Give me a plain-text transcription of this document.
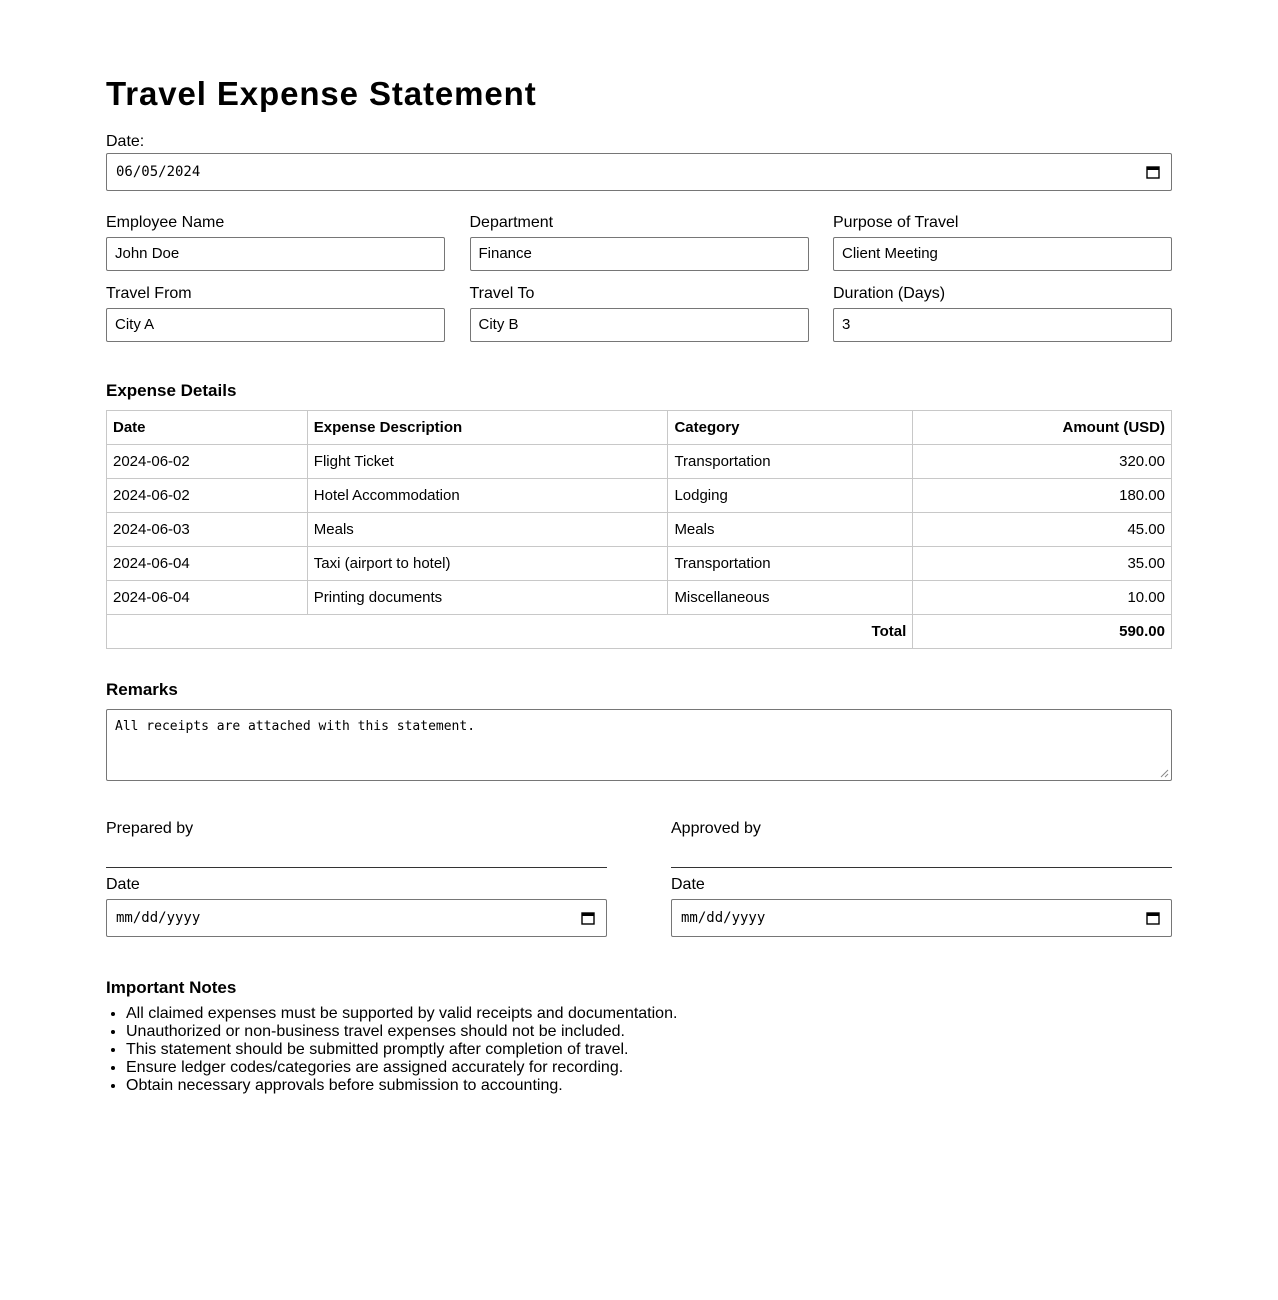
Travel Expense Statement
Date:
06/05/2024
Employee Name
John Doe
Department
Finance
Purpose of Travel
Client Meeting
Travel From
City A
Travel To
City B
Duration (Days)
3
Expense Details
Date	Expense Description	Category	Amount (USD)
2024-06-02	Flight Ticket	Transportation	320.00
2024-06-02	Hotel Accommodation	Lodging	180.00
2024-06-03	Meals	Meals	45.00
2024-06-04	Taxi (airport to hotel)	Transportation	35.00
2024-06-04	Printing documents	Miscellaneous	10.00
Total			590.00
Remarks
All receipts are attached with this statement.
Prepared by
Date
mm/dd/yyyy
Approved by
Date
mm/dd/yyyy
Important Notes
• All claimed expenses must be supported by valid receipts and documentation.
• Unauthorized or non-business travel expenses should not be included.
• This statement should be submitted promptly after completion of travel.
• Ensure ledger codes/categories are assigned accurately for recording.
• Obtain necessary approvals before submission to accounting.
